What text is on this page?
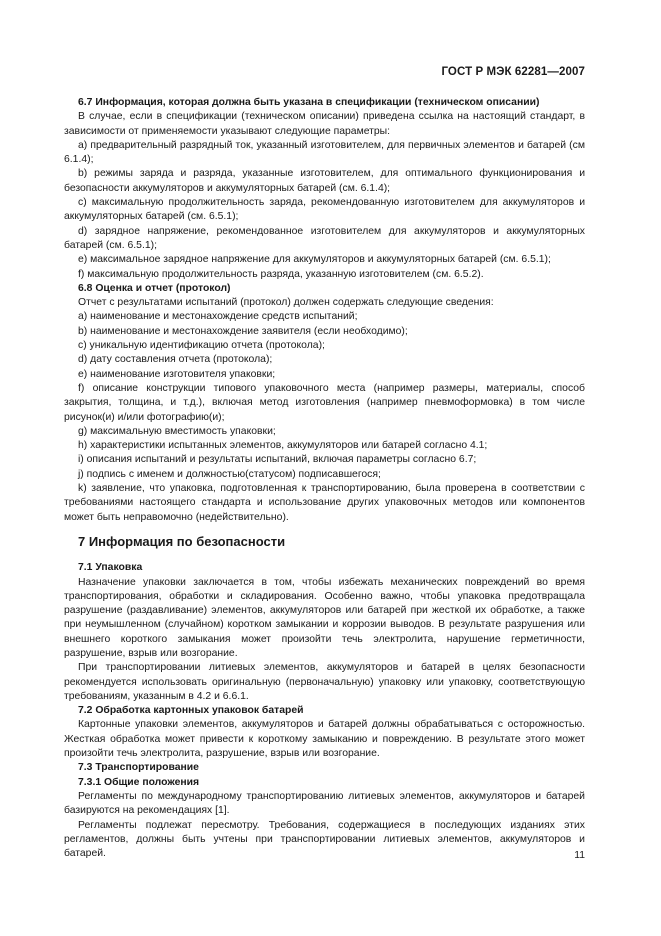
ГОСТ Р МЭК 62281—2007

6.7 Информация, которая должна быть указана в спецификации (техническом описании)

В случае, если в спецификации (техническом описании) приведена ссылка на настоящий стандарт, в зависимости от применяемости указывают следующие параметры:

a) предварительный разрядный ток, указанный изготовителем, для первичных элементов и батарей (см 6.1.4);

b) режимы заряда и разряда, указанные изготовителем, для оптимального функционирования и безопасности аккумуляторов и аккумуляторных батарей (см. 6.1.4);

c) максимальную продолжительность заряда, рекомендованную изготовителем для аккумуляторов и аккумуляторных батарей (см. 6.5.1);

d) зарядное напряжение, рекомендованное изготовителем для аккумуляторов и аккумуляторных батарей (см. 6.5.1);

e) максимальное зарядное напряжение для аккумуляторов и аккумуляторных батарей (см. 6.5.1);

f) максимальную продолжительность разряда, указанную изготовителем (см. 6.5.2).

6.8 Оценка и отчет (протокол)

Отчет с результатами испытаний (протокол) должен содержать следующие сведения:

a) наименование и местонахождение средств испытаний;

b) наименование и местонахождение заявителя (если необходимо);

c) уникальную идентификацию отчета (протокола);

d) дату составления отчета (протокола);

e) наименование изготовителя упаковки;

f) описание конструкции типового упаковочного места (например размеры, материалы, способ закрытия, толщина, и т.д.), включая метод изготовления (например пневмоформовка) в том числе рисунок(и) и/или фотографию(и);

g) максимальную вместимость упаковки;

h) характеристики испытанных элементов, аккумуляторов или батарей согласно 4.1;

i) описания испытаний и результаты испытаний, включая параметры согласно 6.7;

j) подпись с именем и должностью(статусом) подписавшегося;

k) заявление, что упаковка, подготовленная к транспортированию, была проверена в соответствии с требованиями настоящего стандарта и использование других упаковочных методов или компонентов может быть неправомочно (недействительно).

7 Информация по безопасности

7.1 Упаковка

Назначение упаковки заключается в том, чтобы избежать механических повреждений во время транспортирования, обработки и складирования. Особенно важно, чтобы упаковка предотвращала разрушение (раздавливание) элементов, аккумуляторов или батарей при жесткой их обработке, а также при неумышленном (случайном) коротком замыкании и коррозии выводов. В результате разрушения или внешнего короткого замыкания может произойти течь электролита, нарушение герметичности, разрушение, взрыв или возгорание.

При транспортировании литиевых элементов, аккумуляторов и батарей в целях безопасности рекомендуется использовать оригинальную (первоначальную) упаковку или упаковку, соответствующую требованиям, указанным в 4.2 и 6.6.1.

7.2 Обработка картонных упаковок батарей

Картонные упаковки элементов, аккумуляторов и батарей должны обрабатываться с осторожностью. Жесткая обработка может привести к короткому замыканию и повреждению. В результате этого может произойти течь электролита, разрушение, взрыв или возгорание.

7.3 Транспортирование

7.3.1 Общие положения

Регламенты по международному транспортированию литиевых элементов, аккумуляторов и батарей базируются на рекомендациях [1].

Регламенты подлежат пересмотру. Требования, содержащиеся в последующих изданиях этих регламентов, должны быть учтены при транспортировании литиевых элементов, аккумуляторов и батарей.	11
